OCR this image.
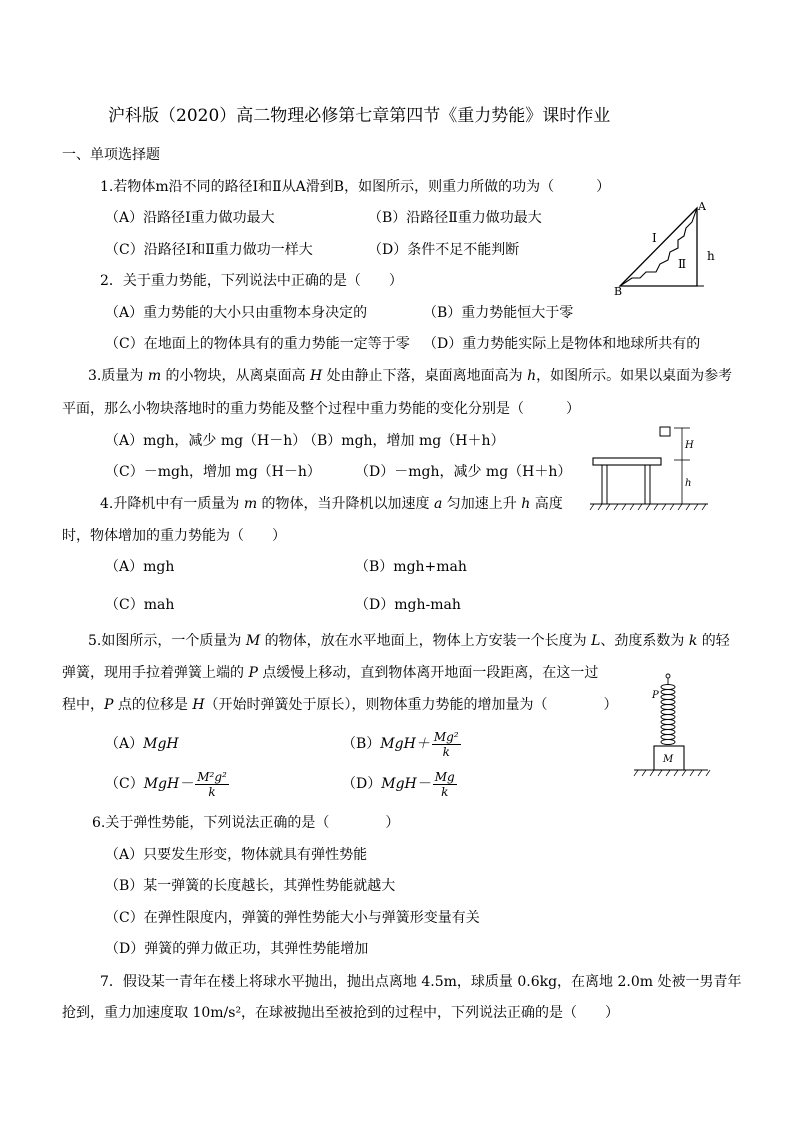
沪科版（2020）高二物理必修第七章第四节《重力势能》课时作业
一、单项选择题
1.若物体m沿不同的路径Ⅰ和Ⅱ从A滑到B，如图所示，则重力所做的功为（　　　）
（A）沿路径Ⅰ重力做功最大	（B）沿路径Ⅱ重力做功最大
（C）沿路径Ⅰ和Ⅱ重力做功一样大	（D）条件不足不能判断
A
B
h
Ⅰ
Ⅱ
2．关于重力势能，下列说法中正确的是（　　）
（A）重力势能的大小只由重物本身决定的	（B）重力势能恒大于零
（C）在地面上的物体具有的重力势能一定等于零 （D）重力势能实际上是物体和地球所共有的
3.质量为 m 的小物块，从离桌面高 H 处由静止下落，桌面离地面高为 h，如图所示。如果以桌面为参考
平面，那么小物块落地时的重力势能及整个过程中重力势能的变化分别是（　　　）
（A）mgh，减少 mg（H－h）
（B）mgh，增加 mg（H＋h）
（C）－mgh，增加 mg（H－h） （D）－mgh，减少 mg（H＋h）
H
h
4.升降机中有一质量为 m 的物体，当升降机以加速度 a 匀加速上升 h 高度
时，物体增加的重力势能为（　　）
（A）mgh	（B）mgh+mah
（C）mah	（D）mgh-mah
5.如图所示，一个质量为 M 的物体，放在水平地面上，物体上方安装一个长度为 L、劲度系数为 k 的轻
弹簧，现用手拉着弹簧上端的 P 点缓慢上移动，直到物体离开地面一段距离，在这一过
程中，P 点的位移是 H（开始时弹簧处于原长），则物体重力势能的增加量为（　　　　）
（A）MgH	$(B)MgH+ \frac{\text{Mg²}}{k}$
$(C)MgH- \frac{\text{M²g²}}{k}$	$(D)MgH- \frac{Mg}{k}$
P
M
6.关于弹性势能，下列说法正确的是（　　　　）
（A）只要发生形变，物体就具有弹性势能
（B）某一弹簧的长度越长，其弹性势能就越大
（C）在弹性限度内，弹簧的弹性势能大小与弹簧形变量有关
（D）弹簧的弹力做正功，其弹性势能增加
7．假设某一青年在楼上将球水平抛出，抛出点离地 4.5m，球质量 0.6kg，在离地 2.0m 处被一男青年
抢到，重力加速度取 10m/s²，在球被抛出至被抢到的过程中，下列说法正确的是（　　）
